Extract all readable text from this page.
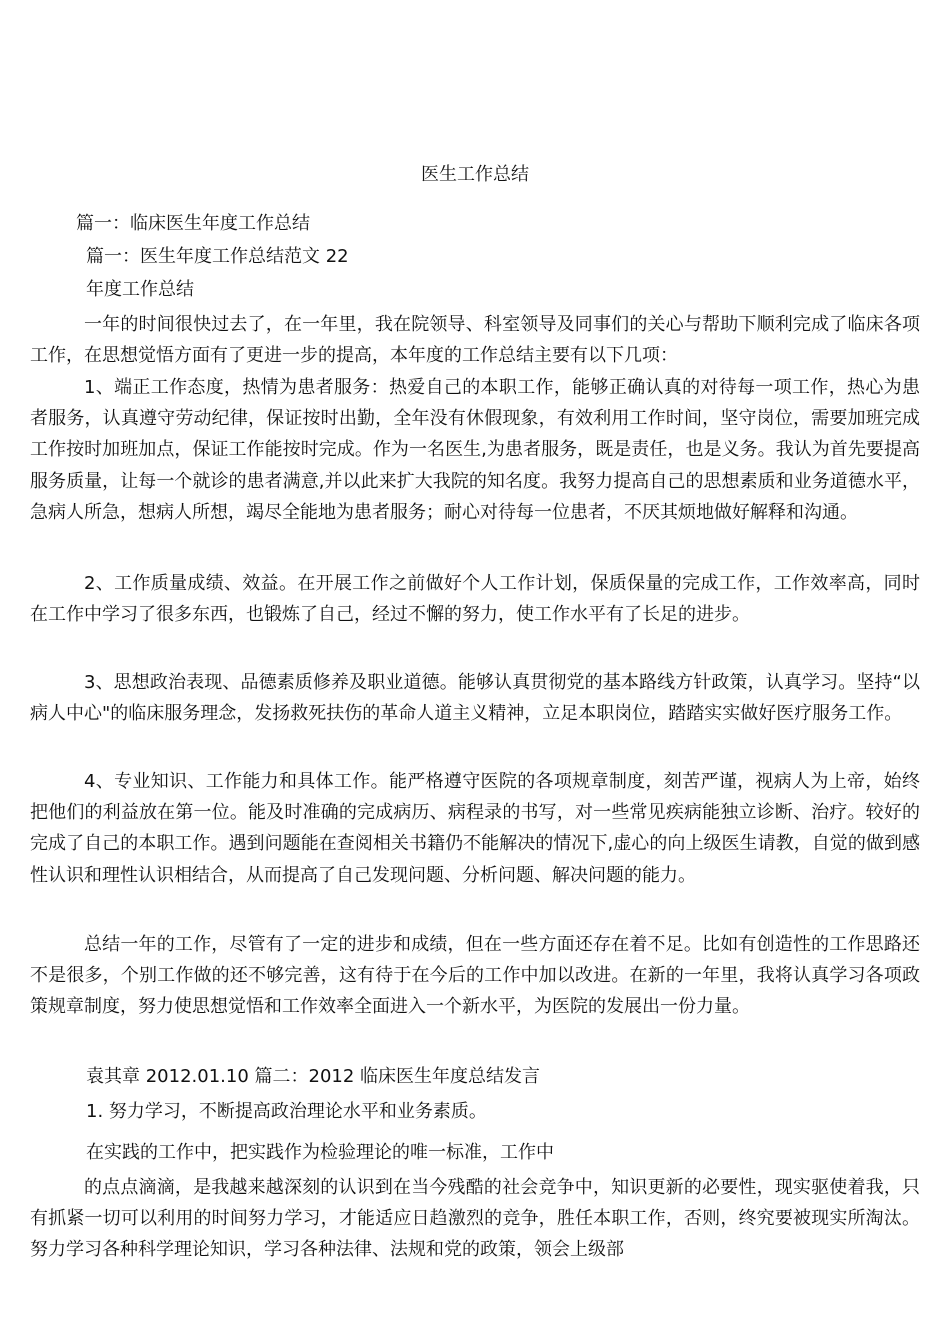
医生工作总结
篇一：临床医生年度工作总结
篇一：医生年度工作总结范文 22
年度工作总结

一年的时间很快过去了，在一年里，我在院领导、科室领导及同事们的关心与帮助下顺利完成了临床各项工作，在思想觉悟方面有了更进一步的提高，本年度的工作总结主要有以下几项：

1、端正工作态度，热情为患者服务：热爱自己的本职工作，能够正确认真的对待每一项工作，热心为患者服务，认真遵守劳动纪律，保证按时出勤，全年没有休假现象，有效利用工作时间，坚守岗位，需要加班完成工作按时加班加点，保证工作能按时完成。作为一名医生,为患者服务，既是责任，也是义务。我认为首先要提高服务质量，让每一个就诊的患者满意,并以此来扩大我院的知名度。我努力提高自己的思想素质和业务道德水平，急病人所急，想病人所想，竭尽全能地为患者服务；耐心对待每一位患者，不厌其烦地做好解释和沟通。

2、工作质量成绩、效益。在开展工作之前做好个人工作计划，保质保量的完成工作，工作效率高，同时在工作中学习了很多东西，也锻炼了自己，经过不懈的努力，使工作水平有了长足的进步。

3、思想政治表现、品德素质修养及职业道德。能够认真贯彻党的基本路线方针政策，认真学习。坚持“以病人中心"的临床服务理念，发扬救死扶伤的革命人道主义精神，立足本职岗位，踏踏实实做好医疗服务工作。

4、专业知识、工作能力和具体工作。能严格遵守医院的各项规章制度，刻苦严谨，视病人为上帝，始终把他们的利益放在第一位。能及时准确的完成病历、病程录的书写，对一些常见疾病能独立诊断、治疗。较好的完成了自己的本职工作。遇到问题能在查阅相关书籍仍不能解决的情况下,虚心的向上级医生请教，自觉的做到感性认识和理性认识相结合，从而提高了自己发现问题、分析问题、解决问题的能力。

总结一年的工作，尽管有了一定的进步和成绩，但在一些方面还存在着不足。比如有创造性的工作思路还不是很多，个别工作做的还不够完善，这有待于在今后的工作中加以改进。在新的一年里，我将认真学习各项政策规章制度，努力使思想觉悟和工作效率全面进入一个新水平，为医院的发展出一份力量。

袁其章 2012.01.10 篇二：2012 临床医生年度总结发言
1. 努力学习，不断提高政治理论水平和业务素质。
在实践的工作中，把实践作为检验理论的唯一标准，工作中

的点点滴滴，是我越来越深刻的认识到在当今残酷的社会竞争中，知识更新的必要性，现实驱使着我，只有抓紧一切可以利用的时间努力学习，才能适应日趋激烈的竞争，胜任本职工作，否则，终究要被现实所淘汰。努力学习各种科学理论知识，学习各种法律、法规和党的政策，领会上级部
